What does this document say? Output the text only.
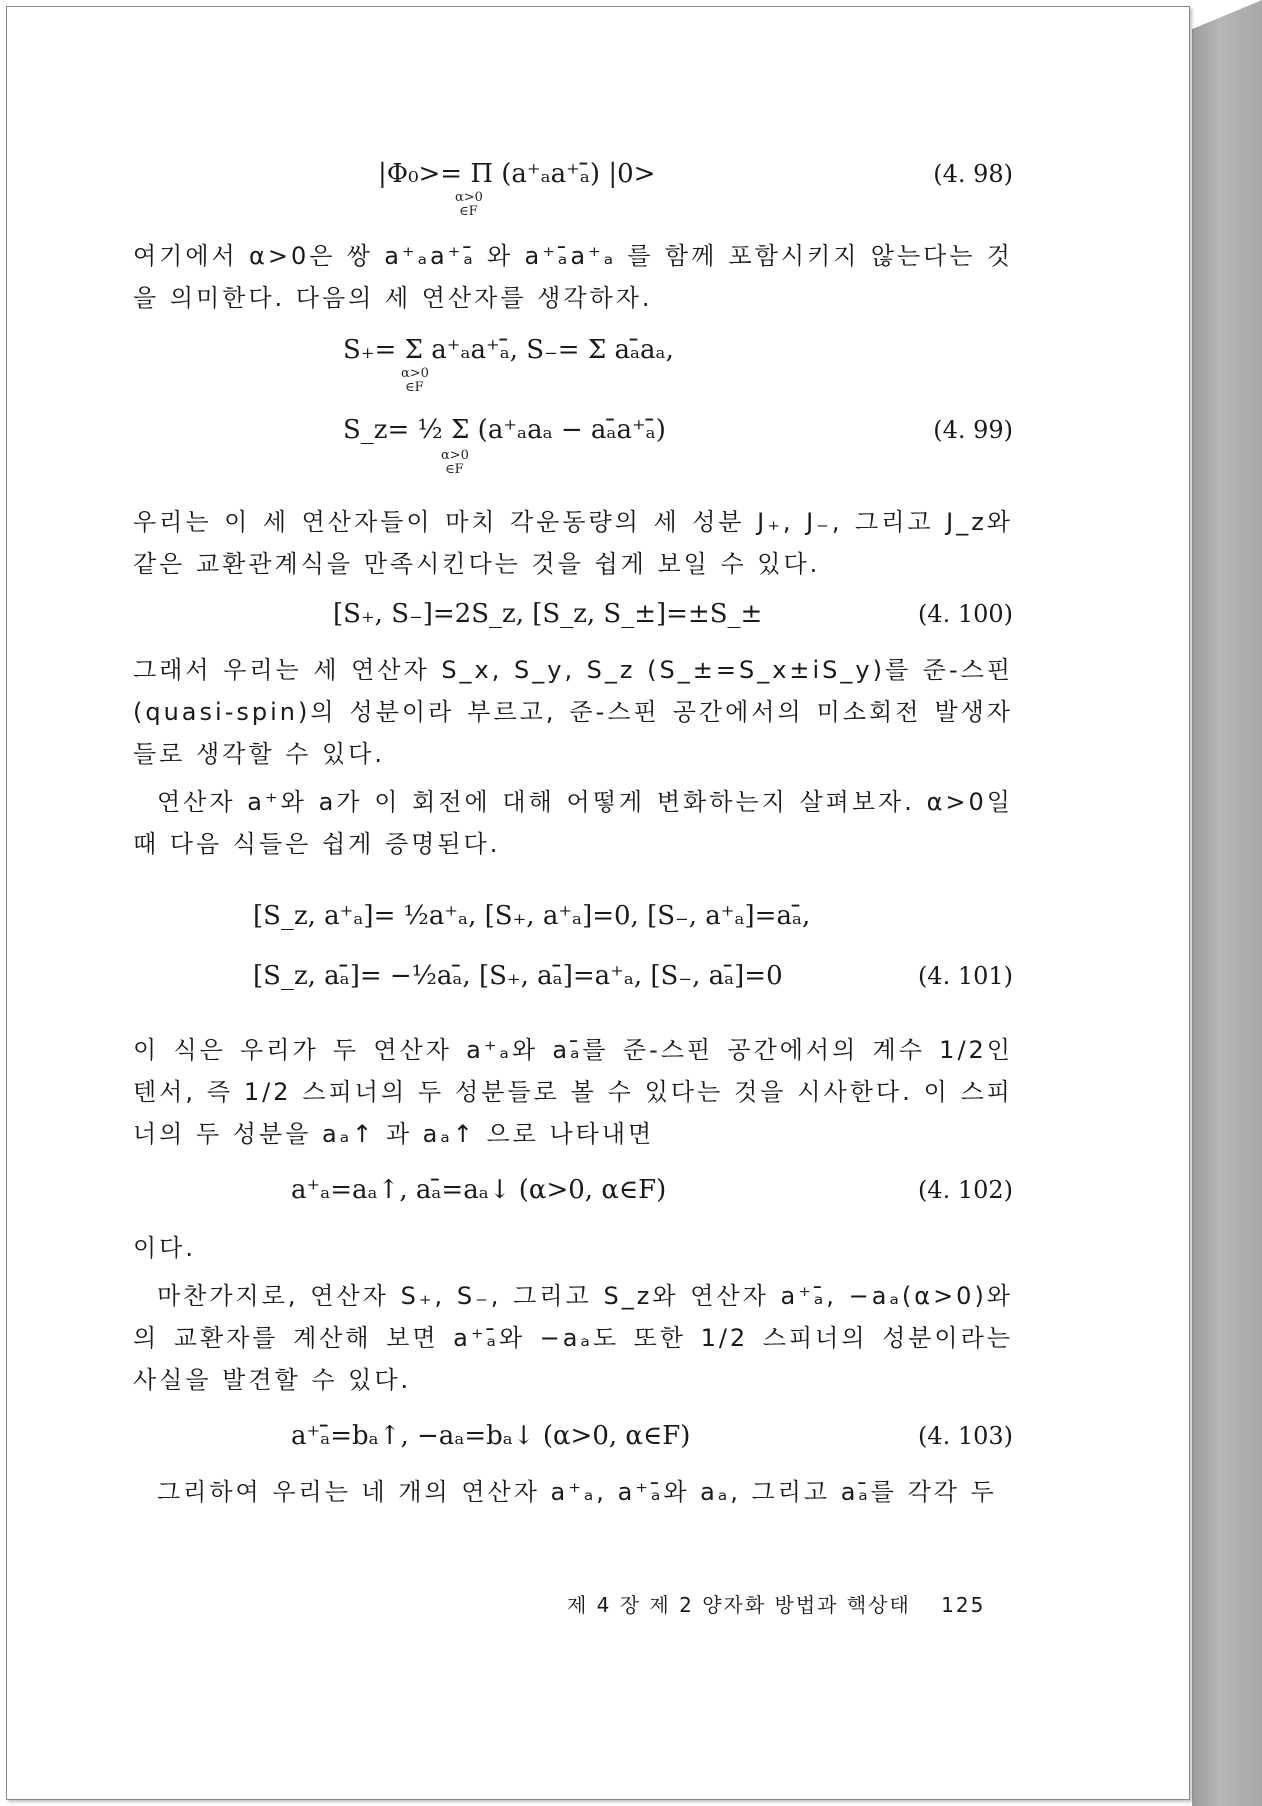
|Φ₀>= Π (a⁺ₐa⁺ₐ̄) |0>
α>0
∈F
(4. 98)

여기에서 α>0은 쌍 a⁺ₐa⁺ₐ̄ 와 a⁺ₐ̄a⁺ₐ 를 함께 포함시키지 않는다는 것을 의미한다. 다음의 세 연산자를 생각하자.

S₊= Σ a⁺ₐa⁺ₐ̄, S₋= Σ aₐ̄aₐ,
α>0
∈F
S_z= ½ Σ (a⁺ₐaₐ − aₐ̄a⁺ₐ̄)
α>0
∈F
(4. 99)

우리는 이 세 연산자들이 마치 각운동량의 세 성분 J₊, J₋, 그리고 J_z와 같은 교환관계식을 만족시킨다는 것을 쉽게 보일 수 있다.

[S₊, S₋]=2S_z, [S_z, S_±]=±S_±	(4. 100)

그래서 우리는 세 연산자 S_x, S_y, S_z (S_±=S_x±iS_y)를 준-스핀(quasi-spin)의 성분이라 부르고, 준-스핀 공간에서의 미소회전 발생자들로 생각할 수 있다.

연산자 a⁺와 a가 이 회전에 대해 어떻게 변화하는지 살펴보자. α>0일 때 다음 식들은 쉽게 증명된다.

[S_z, a⁺ₐ]= ½a⁺ₐ, [S₊, a⁺ₐ]=0, [S₋, a⁺ₐ]=aₐ̄,
[S_z, aₐ̄]= −½aₐ̄, [S₊, aₐ̄]=a⁺ₐ, [S₋, aₐ̄]=0	(4. 101)

이 식은 우리가 두 연산자 a⁺ₐ와 aₐ̄를 준-스핀 공간에서의 계수 1/2인 텐서, 즉 1/2 스피너의 두 성분들로 볼 수 있다는 것을 시사한다. 이 스피너의 두 성분을 aₐ↑ 과 aₐ↑ 으로 나타내면

a⁺ₐ=aₐ↑, aₐ̄=aₐ↓ (α>0, α∈F)	(4. 102)

이다.

마찬가지로, 연산자 S₊, S₋, 그리고 S_z와 연산자 a⁺ₐ̄, −aₐ(α>0)와의 교환자를 계산해 보면 a⁺ₐ̄와 −aₐ도 또한 1/2 스피너의 성분이라는 사실을 발견할 수 있다.

a⁺ₐ̄=bₐ↑, −aₐ=bₐ↓ (α>0, α∈F)	(4. 103)

그리하여 우리는 네 개의 연산자 a⁺ₐ, a⁺ₐ̄와 aₐ, 그리고 aₐ̄를 각각 두

제 4 장 제 2 양자화 방법과 핵상태 125
